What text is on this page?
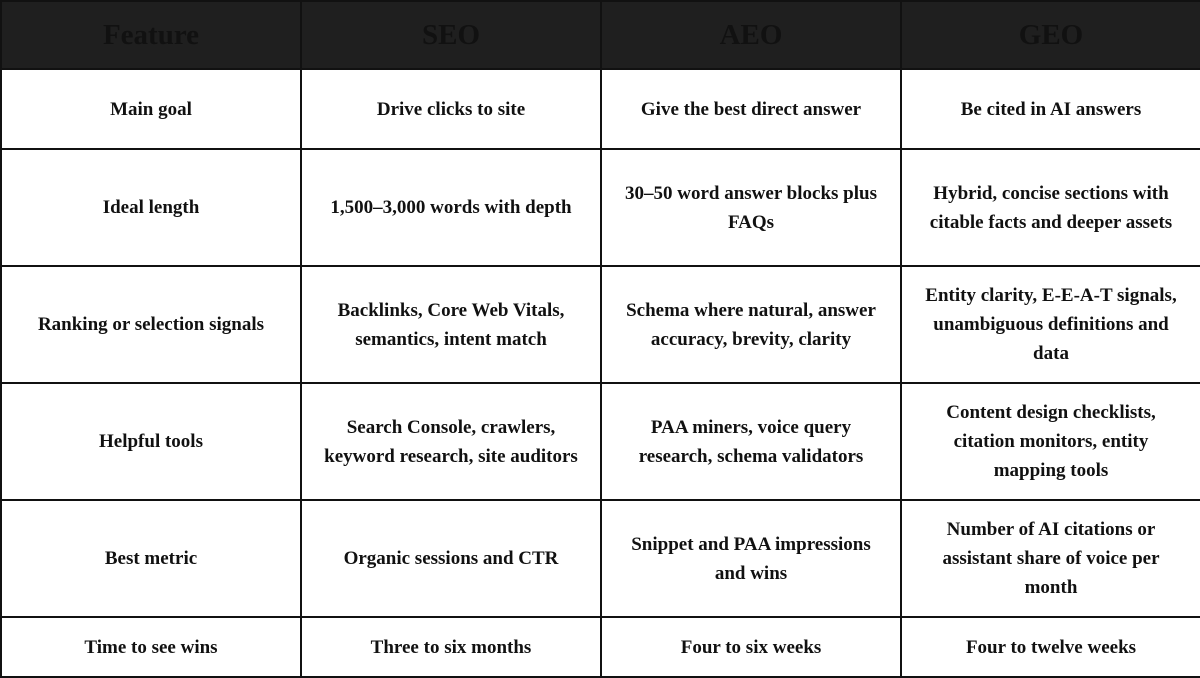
Feature	SEO	AEO	GEO
Main goal	Drive clicks to site	Give the best direct answer	Be cited in AI answers
Ideal length	1,500–3,000 words with depth	30–50 word answer blocks plus FAQs	Hybrid, concise sections with citable facts and deeper assets
Ranking or selection signals	Backlinks, Core Web Vitals, semantics, intent match	Schema where natural, answer accuracy, brevity, clarity	Entity clarity, E-E-A-T signals, unambiguous definitions and data
Helpful tools	Search Console, crawlers, keyword research, site auditors	PAA miners, voice query research, schema validators	Content design checklists, citation monitors, entity mapping tools
Best metric	Organic sessions and CTR	Snippet and PAA impressions and wins	Number of AI citations or assistant share of voice per month
Time to see wins	Three to six months	Four to six weeks	Four to twelve weeks
